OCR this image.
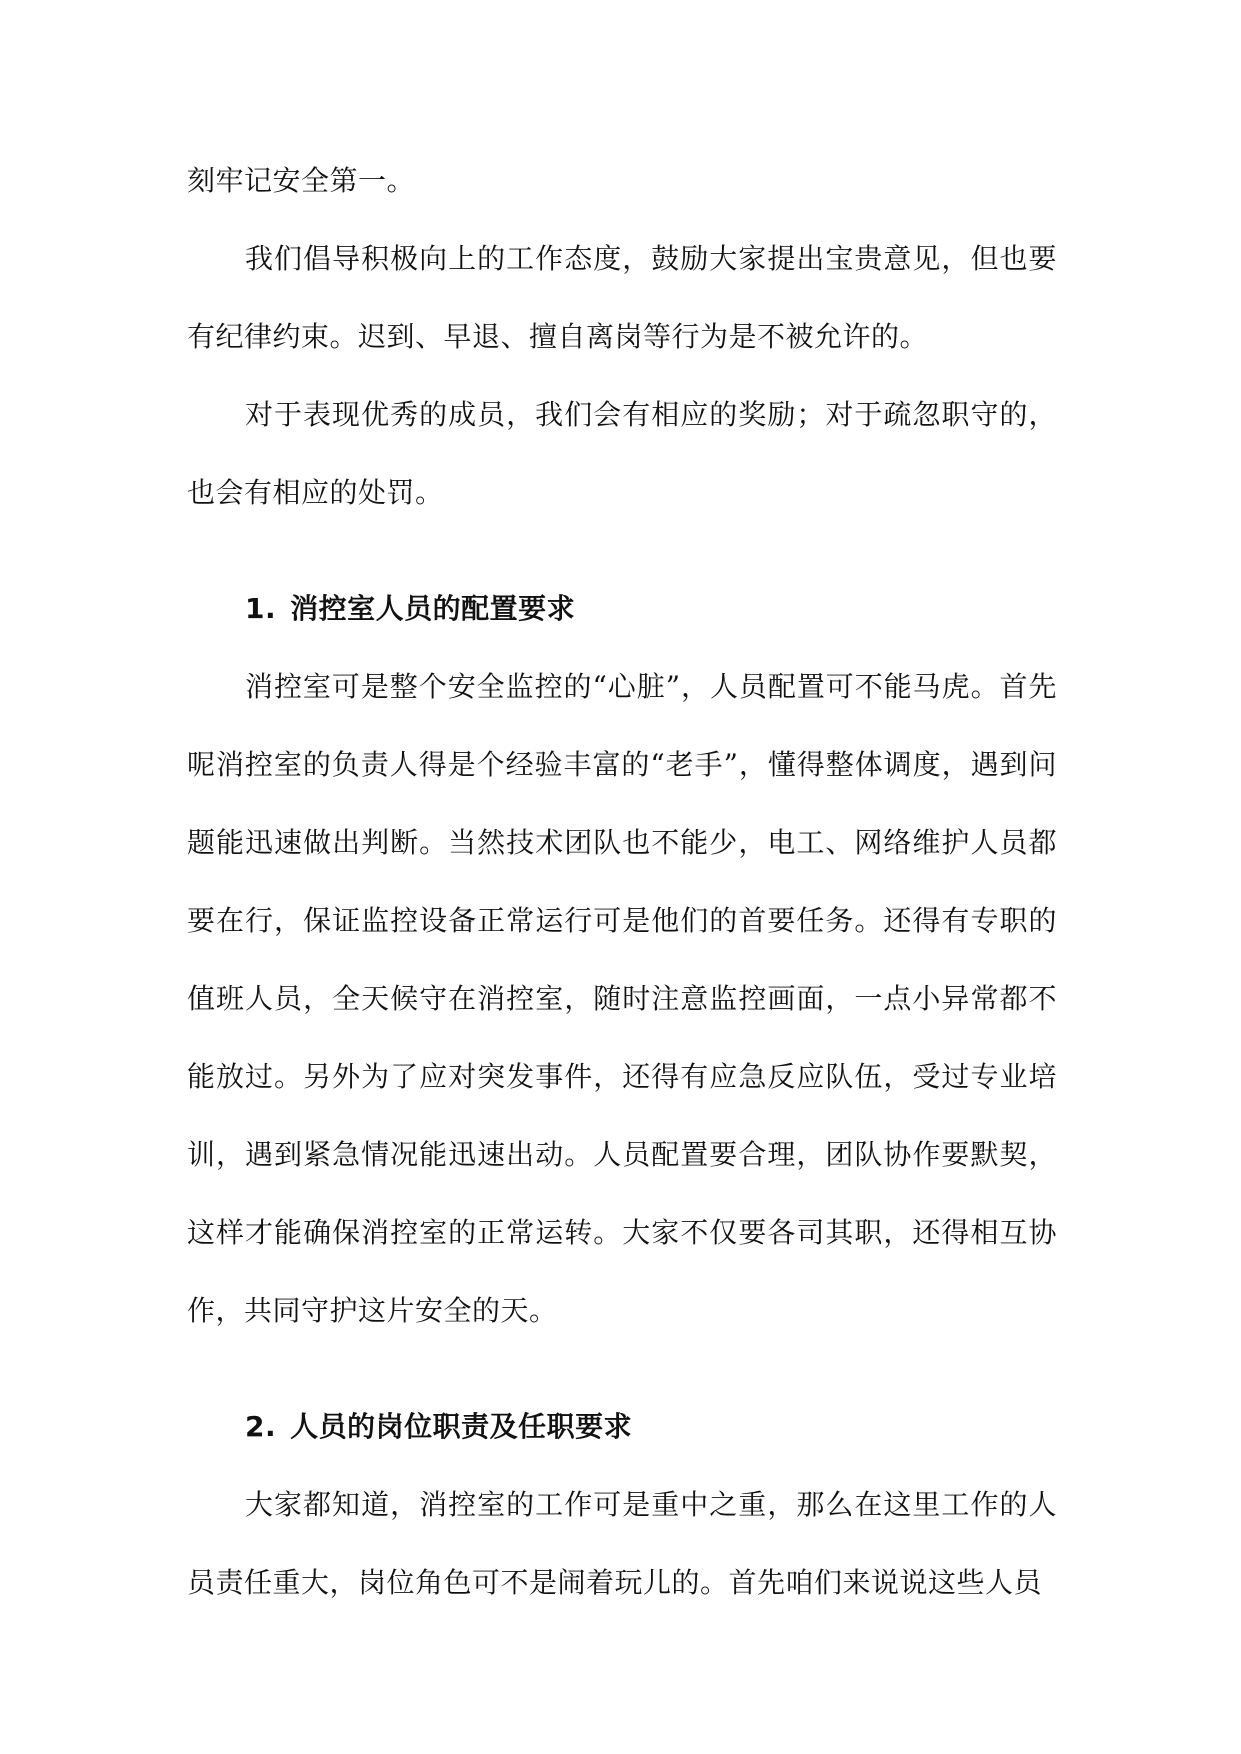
刻牢记安全第一。

我们倡导积极向上的工作态度，鼓励大家提出宝贵意见，但也要有纪律约束。迟到、早退、擅自离岗等行为是不被允许的。

对于表现优秀的成员，我们会有相应的奖励；对于疏忽职守的，也会有相应的处罚。

1. 消控室人员的配置要求

消控室可是整个安全监控的“心脏”，人员配置可不能马虎。首先呢消控室的负责人得是个经验丰富的“老手”，懂得整体调度，遇到问题能迅速做出判断。当然技术团队也不能少，电工、网络维护人员都要在行，保证监控设备正常运行可是他们的首要任务。还得有专职的值班人员，全天候守在消控室，随时注意监控画面，一点小异常都不能放过。另外为了应对突发事件，还得有应急反应队伍，受过专业培训，遇到紧急情况能迅速出动。人员配置要合理，团队协作要默契，这样才能确保消控室的正常运转。大家不仅要各司其职，还得相互协作，共同守护这片安全的天。

2. 人员的岗位职责及任职要求

大家都知道，消控室的工作可是重中之重，那么在这里工作的人员责任重大，岗位角色可不是闹着玩儿的。首先咱们来说说这些人员
